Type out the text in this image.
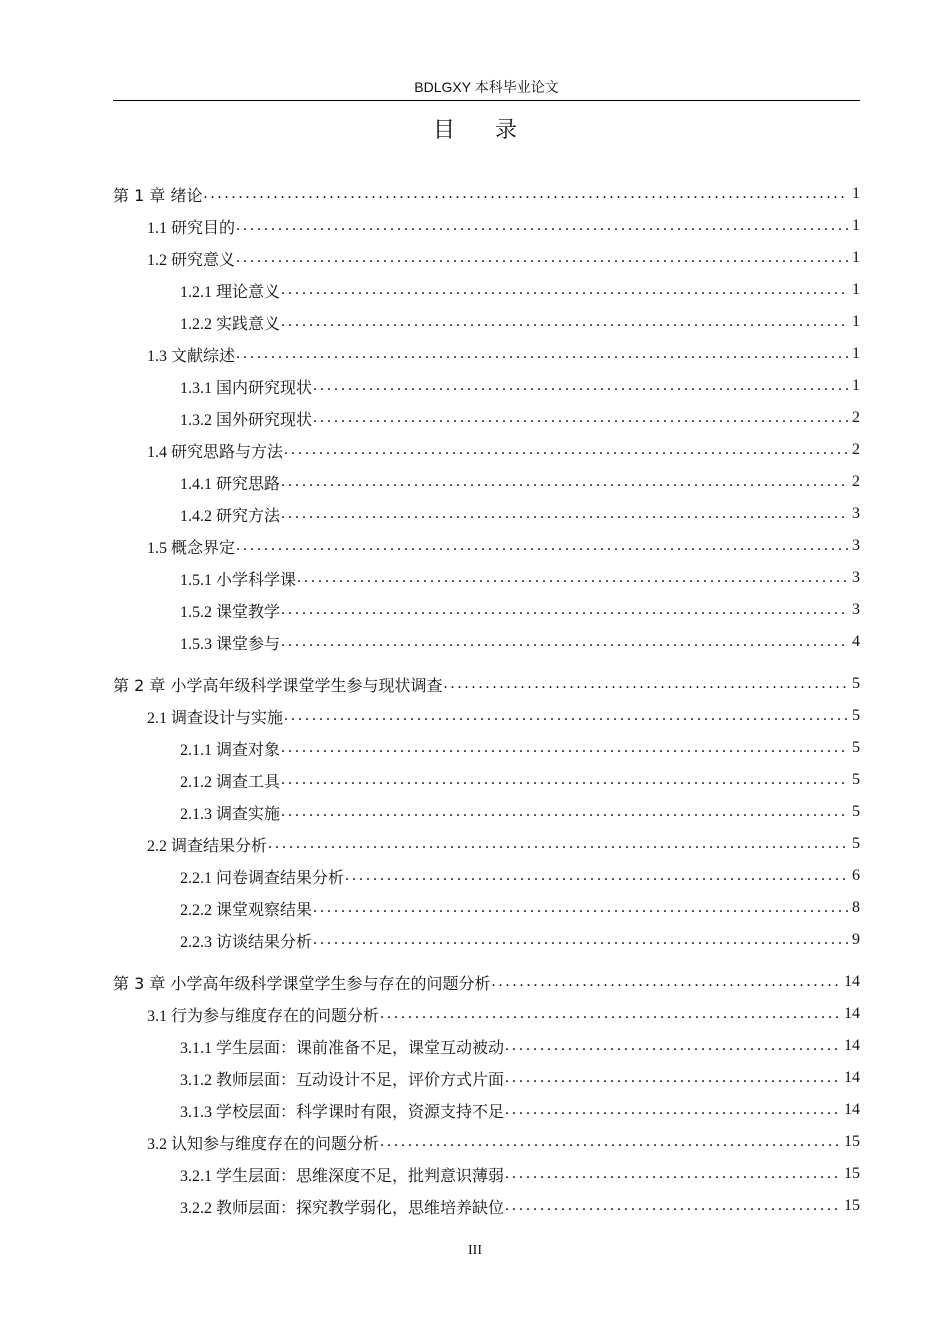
BDLGXY 本科毕业论文
目录
第 1 章 绪论 .....	1
1.1 研究目的 .....	1
1.2 研究意义 .....	1
1.2.1 理论意义 .....	1
1.2.2 实践意义 .....	1
1.3 文献综述 .....	1
1.3.1 国内研究现状 .....	1
1.3.2 国外研究现状 .....	2
1.4 研究思路与方法 .....	2
1.4.1 研究思路 .....	2
1.4.2 研究方法 .....	3
1.5 概念界定 .....	3
1.5.1 小学科学课 .....	3
1.5.2 课堂教学 .....	3
1.5.3 课堂参与 .....	4
第 2 章 小学高年级科学课堂学生参与现状调查 .....	5
2.1 调查设计与实施 .....	5
2.1.1 调查对象 .....	5
2.1.2 调查工具 .....	5
2.1.3 调查实施 .....	5
2.2 调查结果分析 .....	5
2.2.1 问卷调查结果分析 .....	6
2.2.2 课堂观察结果 .....	8
2.2.3 访谈结果分析 .....	9
第 3 章 小学高年级科学课堂学生参与存在的问题分析 .....	14
3.1 行为参与维度存在的问题分析 .....	14
3.1.1 学生层面：课前准备不足，课堂互动被动 .....	14
3.1.2 教师层面：互动设计不足，评价方式片面 .....	14
3.1.3 学校层面：科学课时有限，资源支持不足 .....	14
3.2 认知参与维度存在的问题分析 .....	15
3.2.1 学生层面：思维深度不足，批判意识薄弱 .....	15
3.2.2 教师层面：探究教学弱化，思维培养缺位 .....	15
III
